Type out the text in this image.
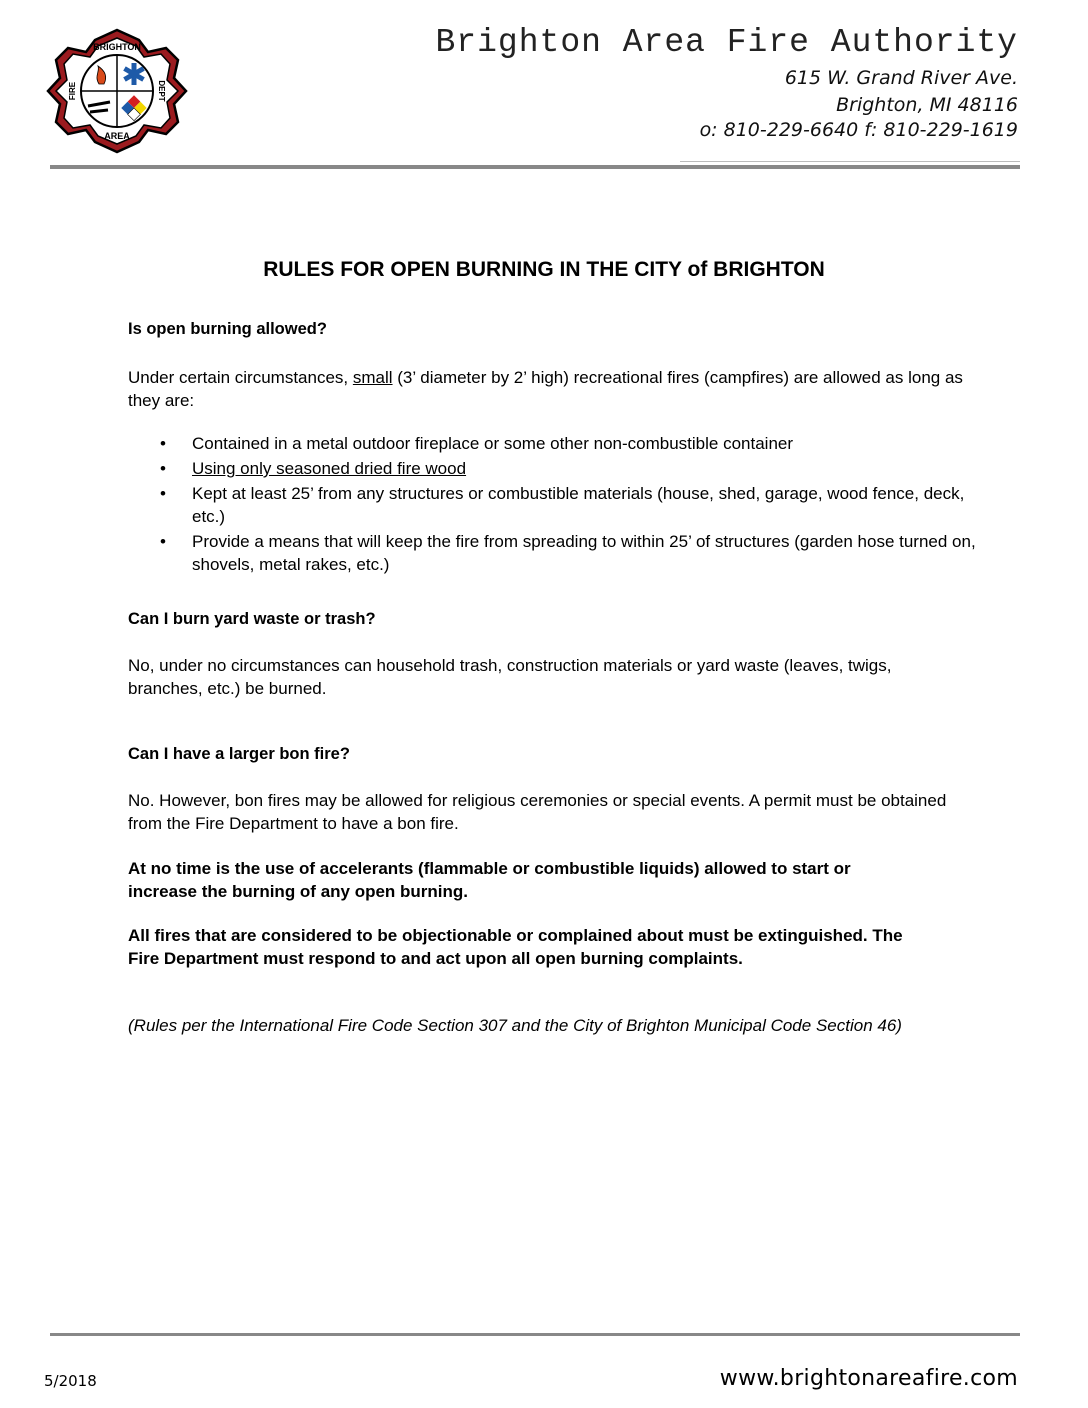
BRIGHTON
AREA
FIRE	DEPT
Brighton Area Fire Authority
615 W. Grand River Ave.
Brighton, MI 48116
o: 810-229-6640 f: 810-229-1619
RULES FOR OPEN BURNING IN THE CITY of BRIGHTON
Is open burning allowed?
Under certain circumstances, small (3’ diameter by 2’ high) recreational fires (campfires) are allowed as long as they are:
• Contained in a metal outdoor fireplace or some other non-combustible container
• Using only seasoned dried fire wood
• Kept at least 25’ from any structures or combustible materials (house, shed, garage, wood fence, deck, etc.)
• Provide a means that will keep the fire from spreading to within 25’ of structures (garden hose turned on, shovels, metal rakes, etc.)
Can I burn yard waste or trash?
No, under no circumstances can household trash, construction materials or yard waste (leaves, twigs, branches, etc.) be burned.
Can I have a larger bon fire?
No. However, bon fires may be allowed for religious ceremonies or special events. A permit must be obtained from the Fire Department to have a bon fire.
At no time is the use of accelerants (flammable or combustible liquids) allowed to start or increase the burning of any open burning.
All fires that are considered to be objectionable or complained about must be extinguished. The Fire Department must respond to and act upon all open burning complaints.
(Rules per the International Fire Code Section 307 and the City of Brighton Municipal Code Section 46)
5/2018	www.brightonareafire.com
